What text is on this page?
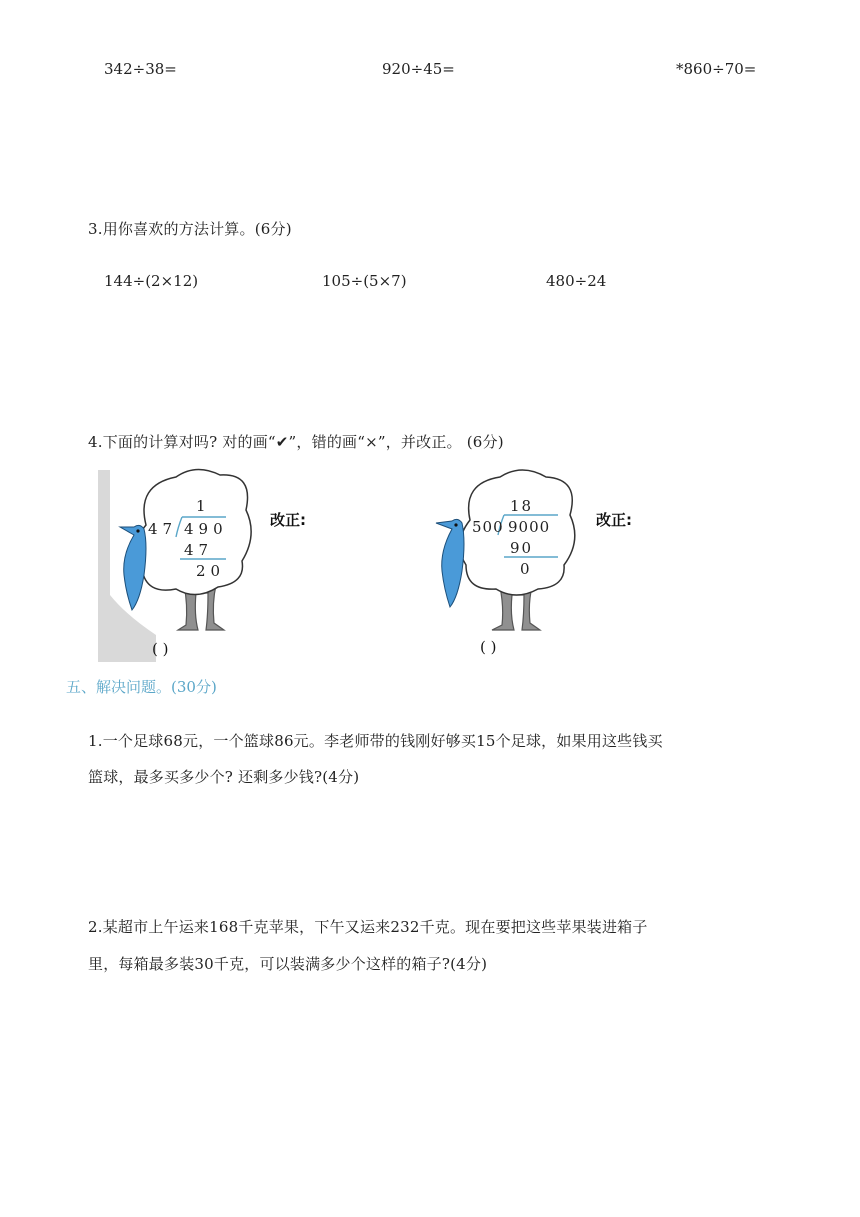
342÷38=	920÷45=	*860÷70=
3.用你喜欢的方法计算。(6分)
144÷(2×12)	105÷(5×7)	480÷24
4.下面的计算对吗? 对的画“✔”，错的画“×”，并改正。 (6分)
1
47 490
47
20
改正:
( )
18
500 9000
90
0
改正:
( )
五、解决问题。(30分)
1.一个足球68元，一个篮球86元。李老师带的钱刚好够买15个足球，如果用这些钱买
篮球，最多买多少个? 还剩多少钱?(4分)
2.某超市上午运来168千克苹果，下午又运来232千克。现在要把这些苹果装进箱子
里，每箱最多装30千克，可以装满多少个这样的箱子?(4分)
